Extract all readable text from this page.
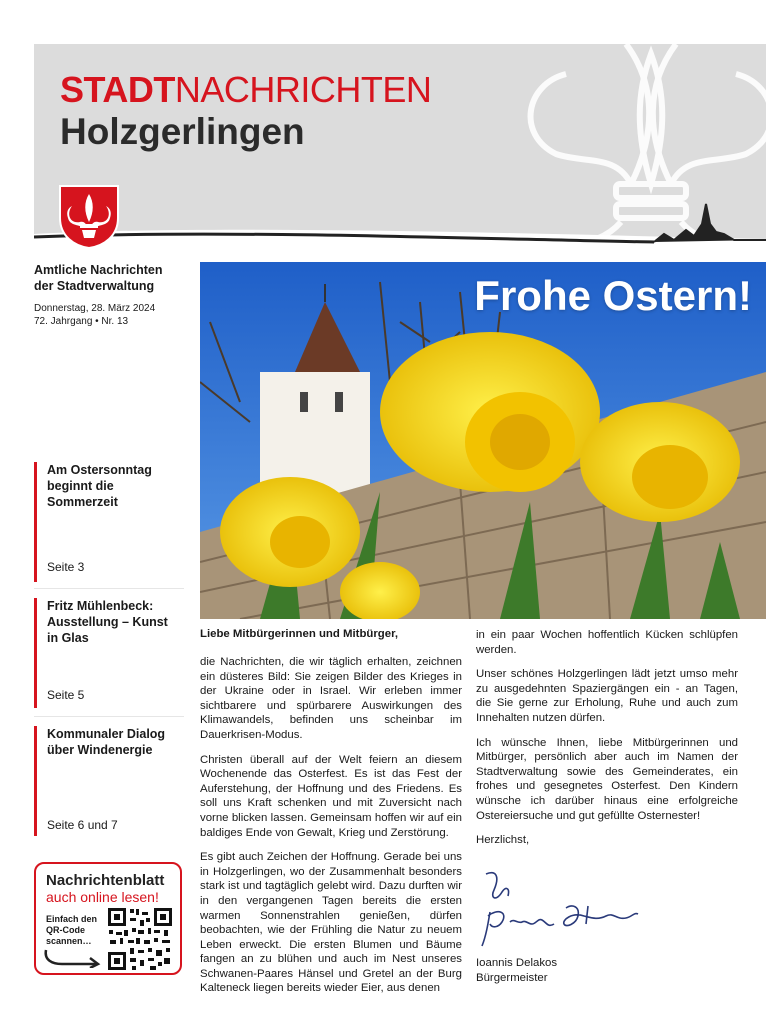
STADTNACHRICHTEN
Holzgerlingen
Amtliche Nachrichten der Stadtverwaltung
Donnerstag, 28. März 2024
72. Jahrgang • Nr. 13
Am Ostersonntag beginnt die Sommerzeit
Seite 3
Fritz Mühlenbeck: Ausstellung – Kunst in Glas
Seite 5
Kommunaler Dialog über Windenergie
Seite 6 und 7
Nachrichtenblatt
auch online lesen!
Einfach den QR-Code scannen…
Frohe Ostern!
Liebe Mitbürgerinnen und Mitbürger,

die Nachrichten, die wir täglich erhalten, zeichnen ein düsteres Bild: Sie zeigen Bilder des Krieges in der Ukraine oder in Israel. Wir erleben immer sichtbarere und spürbarere Auswirkungen des Klimawandels, befinden uns scheinbar im Dauerkrisen-Modus.

Christen überall auf der Welt feiern an diesem Wochenende das Osterfest. Es ist das Fest der Auferstehung, der Hoffnung und des Friedens. Es soll uns Kraft schenken und mit Zuversicht nach vorne blicken lassen. Gemeinsam hoffen wir auf ein baldiges Ende von Gewalt, Krieg und Zerstörung.

Es gibt auch Zeichen der Hoffnung. Gerade bei uns in Holzgerlingen, wo der Zusammenhalt besonders stark ist und tagtäglich gelebt wird. Dazu durften wir in den vergangenen Tagen bereits die ersten warmen Sonnenstrahlen genießen, dürfen beobachten, wie der Frühling die Natur zu neuem Leben erweckt. Die ersten Blumen und Bäume fangen an zu blühen und auch im Nest unseres Schwanen-Paares Hänsel und Gretel an der Burg Kalteneck liegen bereits wieder Eier, aus denen

in ein paar Wochen hoffentlich Kücken schlüpfen werden.

Unser schönes Holzgerlingen lädt jetzt umso mehr zu ausgedehnten Spaziergängen ein - an Tagen, die Sie gerne zur Erholung, Ruhe und auch zum Innehalten nutzen dürfen.

Ich wünsche Ihnen, liebe Mitbürgerinnen und Mitbürger, persönlich aber auch im Namen der Stadtverwaltung sowie des Gemeinderates, ein frohes und gesegnetes Osterfest. Den Kindern wünsche ich darüber hinaus eine erfolgreiche Ostereiersuche und gut gefüllte Osternester!

Herzlichst,

Ioannis Delakos
Bürgermeister
